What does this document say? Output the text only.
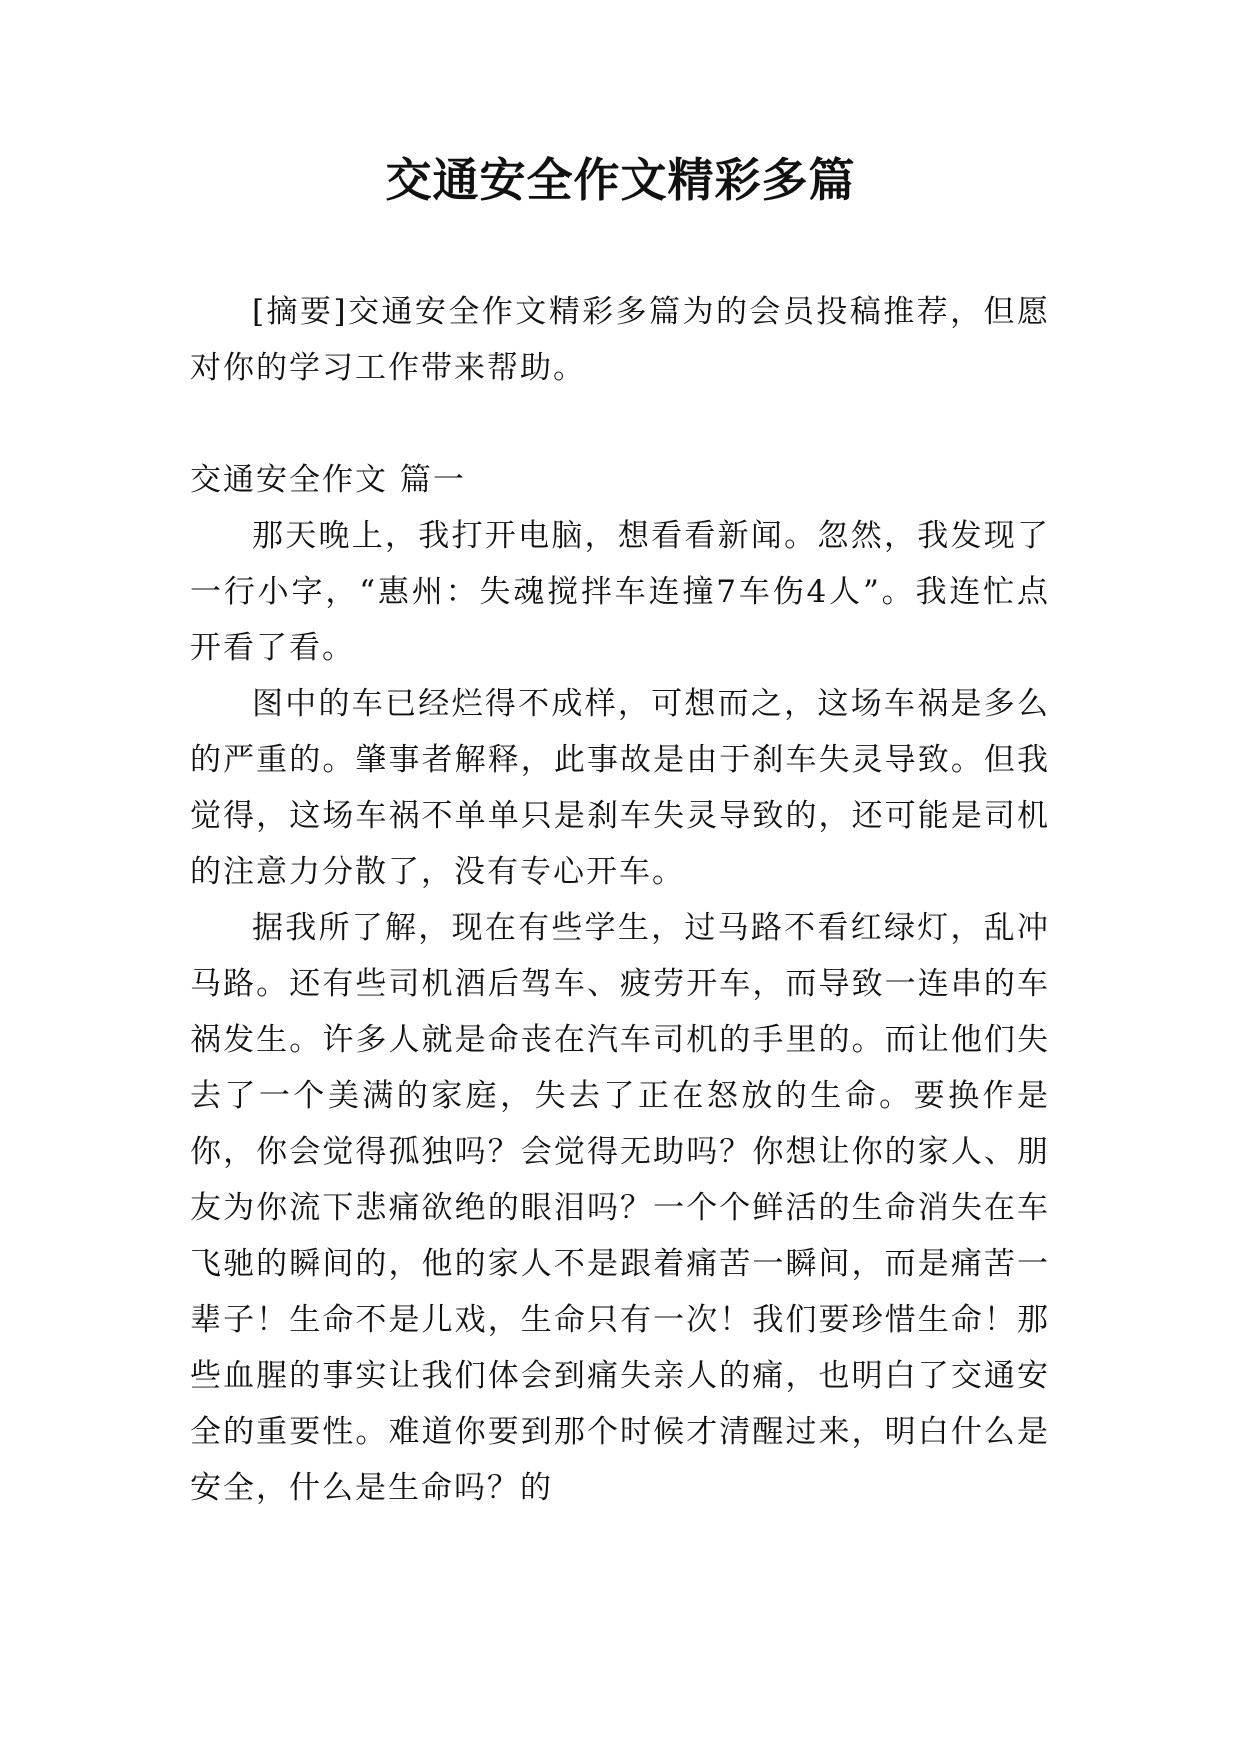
交通安全作文精彩多篇

[摘要]交通安全作文精彩多篇为的会员投稿推荐，但愿对你的学习工作带来帮助。

交通安全作文 篇一

那天晚上，我打开电脑，想看看新闻。忽然，我发现了一行小字，“惠州：失魂搅拌车连撞7车伤4人”。我连忙点开看了看。

图中的车已经烂得不成样，可想而之，这场车祸是多么的严重的。肇事者解释，此事故是由于刹车失灵导致。但我觉得，这场车祸不单单只是刹车失灵导致的，还可能是司机的注意力分散了，没有专心开车。

据我所了解，现在有些学生，过马路不看红绿灯，乱冲马路。还有些司机酒后驾车、疲劳开车，而导致一连串的车祸发生。许多人就是命丧在汽车司机的手里的。而让他们失去了一个美满的家庭，失去了正在怒放的生命。要换作是你，你会觉得孤独吗？会觉得无助吗？你想让你的家人、朋友为你流下悲痛欲绝的眼泪吗？一个个鲜活的生命消失在车飞驰的瞬间的，他的家人不是跟着痛苦一瞬间，而是痛苦一辈子！生命不是儿戏，生命只有一次！我们要珍惜生命！那些血腥的事实让我们体会到痛失亲人的痛，也明白了交通安全的重要性。难道你要到那个时候才清醒过来，明白什么是安全，什么是生命吗？的
